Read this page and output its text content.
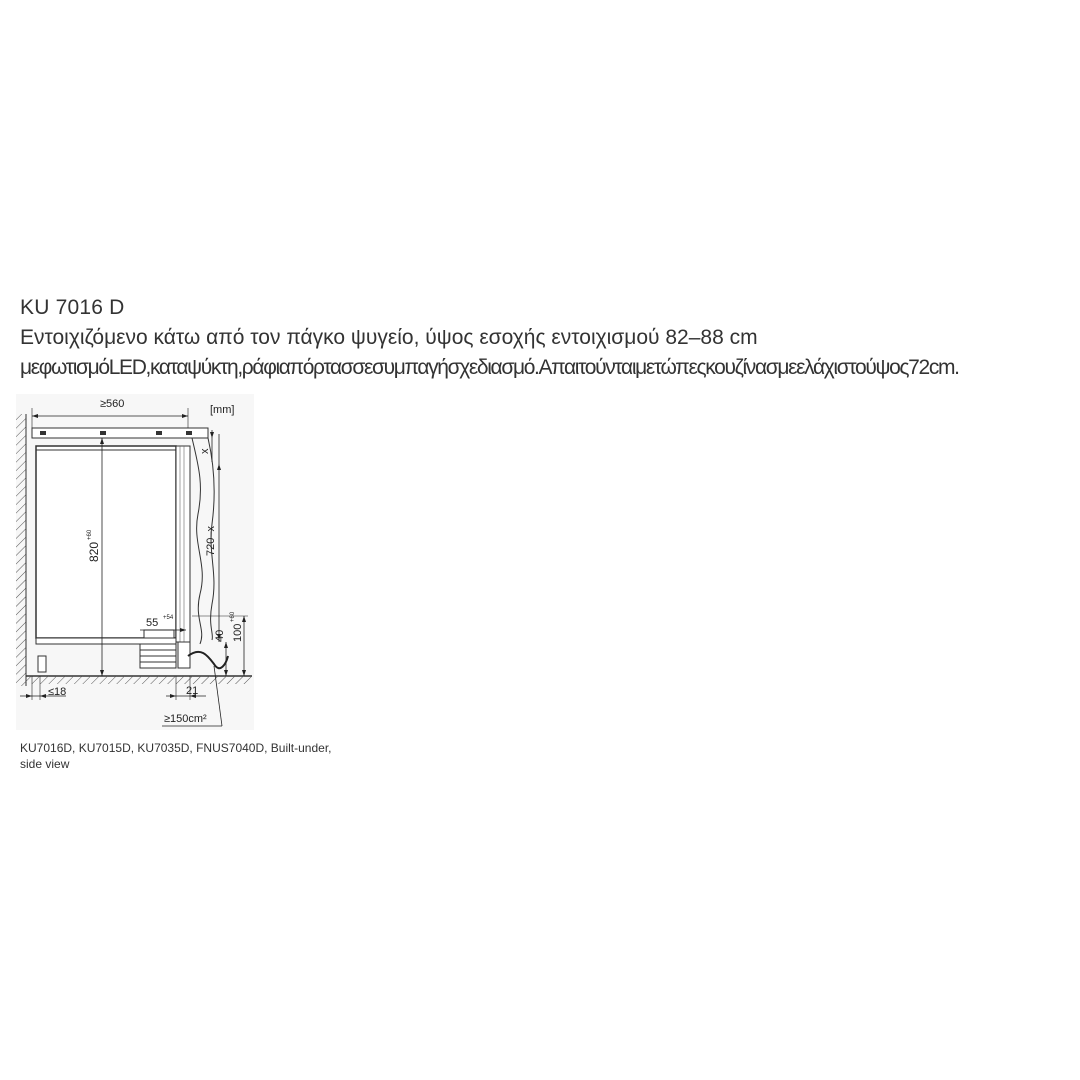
KU 7016 D
Εντοιχιζόμενο κάτω από τον πάγκο ψυγείο, ύψος εσοχής εντοιχισμού 82–88 cm
μεφωτισμόLED,καταψύκτη,ράφιαπόρτασσεσυμπαγήσχεδιασμό.Απαιτούνταιμετώπεςκουζίνασμεελάχιστούψος72cm.
≥560	[mm]
820
+60
x
720–x
40 100
+60
55 +54
≤18	21
≥150cm²
KU7016D, KU7015D, KU7035D, FNUS7040D, Built-under, side view
